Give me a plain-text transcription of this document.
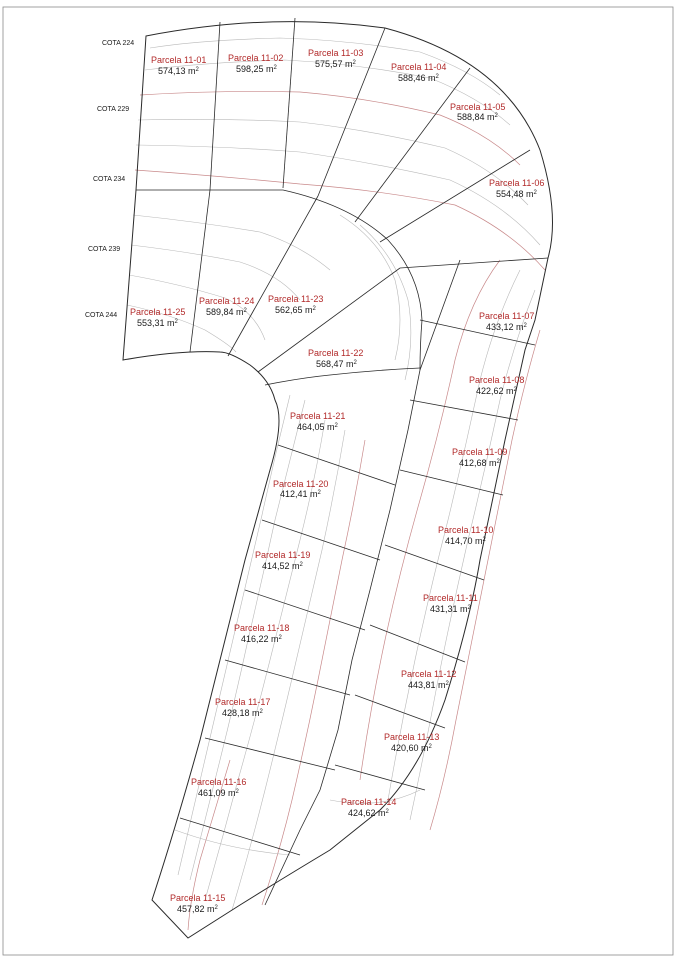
COTA 224
COTA 229
COTA 234
COTA 239
COTA 244
Parcela 11-01
574,13 $m^2$
Parcela 11-02
598,25 $m^2$
Parcela 11-03
575,57 $m^2$	Parcela 11-04
588,46 $m^2$
Parcela 11-05
588,84 $m^2$
Parcela 11-06
554,48 $m^2$
Parcela 11-07
433,12 $m^2$
Parcela 11-08
422,62 $m^2$
Parcela 11-09
412,68 $m^2$
Parcela 11-10
414,70 $m^2$
Parcela 11-11
431,31 $m^2$
Parcela 11-12
443,81 $m^2$
Parcela 11-13
420,60 $m^2$
Parcela 11-14
424,62 $m^2$
Parcela 11-15
457,82 $m^2$
Parcela 11-16
461,09 $m^2$
Parcela 11-17
428,18 $m^2$
Parcela 11-18
416,22 $m^2$
Parcela 11-19
414,52 $m^2$
Parcela 11-20
412,41 $m^2$
Parcela 11-21
464,05 $m^2$
Parcela 11-22
568,47 $m^2$
Parcela 11-23
562,65 $m^2$
Parcela 11-24
589,84 $m^2$
Parcela 11-25
553,31 $m^2$
